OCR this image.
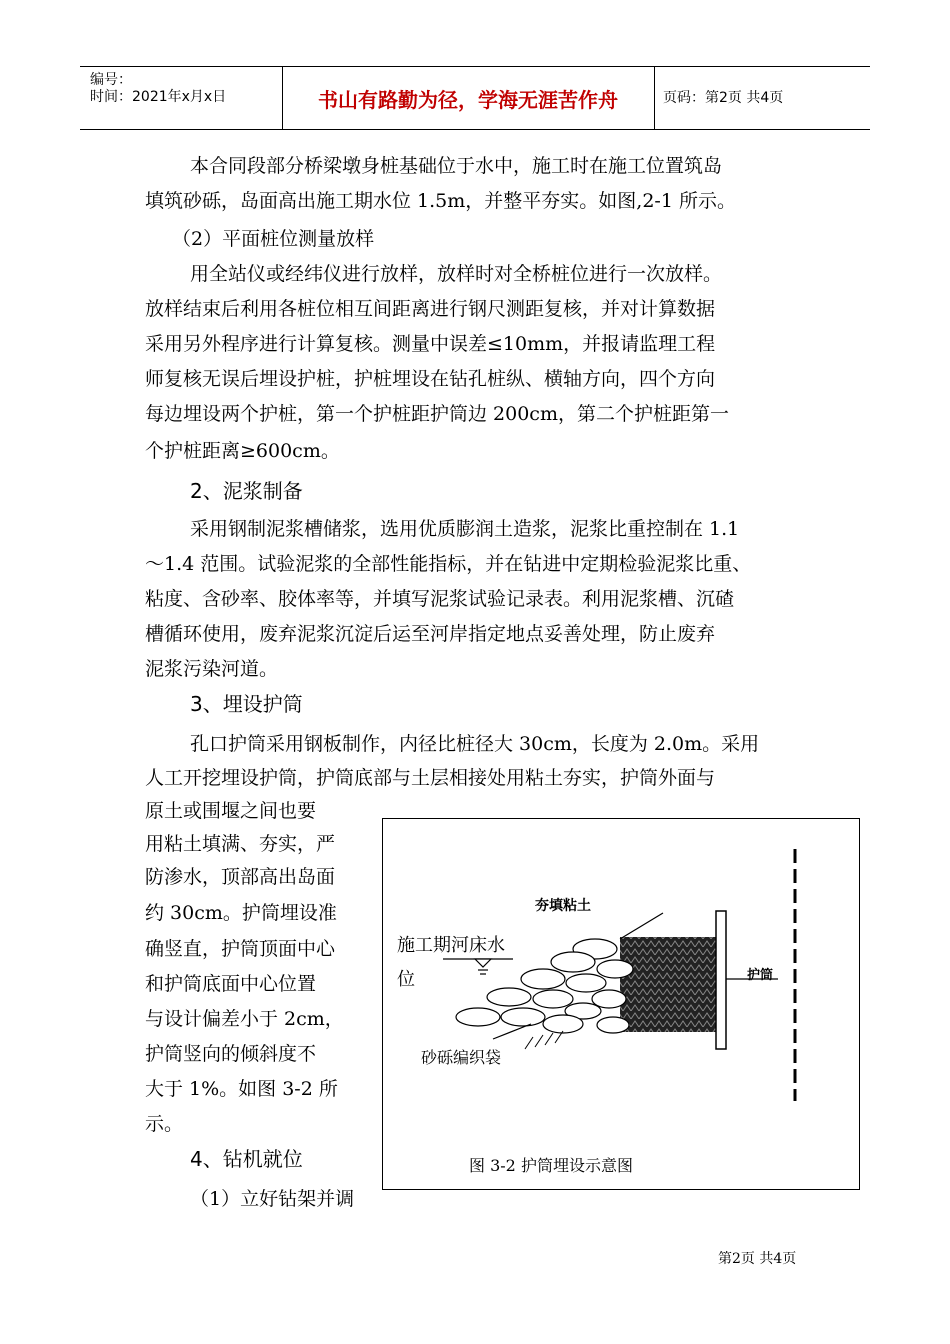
编号：
时间：2021年x月x日	书山有路勤为径，学海无涯苦作舟	页码：第2页 共4页
本合同段部分桥梁墩身桩基础位于水中，施工时在施工位置筑岛
填筑砂砾，岛面高出施工期水位 1.5m，并整平夯实。如图,2-1 所示。
（2）平面桩位测量放样
用全站仪或经纬仪进行放样，放样时对全桥桩位进行一次放样。
放样结束后利用各桩位相互间距离进行钢尺测距复核，并对计算数据
采用另外程序进行计算复核。测量中误差≤10mm，并报请监理工程
师复核无误后埋设护桩，护桩埋设在钻孔桩纵、横轴方向，四个方向
每边埋设两个护桩，第一个护桩距护筒边 200cm，第二个护桩距第一
个护桩距离≥600cm。
2、泥浆制备
采用钢制泥浆槽储浆，选用优质膨润土造浆，泥浆比重控制在 1.1
～1.4 范围。试验泥浆的全部性能指标，并在钻进中定期检验泥浆比重、
粘度、含砂率、胶体率等，并填写泥浆试验记录表。利用泥浆槽、沉碴
槽循环使用，废弃泥浆沉淀后运至河岸指定地点妥善处理，防止废弃
泥浆污染河道。
3、埋设护筒
孔口护筒采用钢板制作，内径比桩径大 30cm，长度为 2.0m。采用
人工开挖埋设护筒，护筒底部与土层相接处用粘土夯实，护筒外面与
原土或围堰之间也要
用粘土填满、夯实，严
防渗水，顶部高出岛面
约 30cm。护筒埋设准
确竖直，护筒顶面中心
和护筒底面中心位置
与设计偏差小于 2cm，
护筒竖向的倾斜度不
大于 1%。如图 3-2 所
示。
4、钻机就位
（1）立好钻架并调
夯填粘土
施工期河床水
位	护筒
砂砾编织袋
图 3-2 护筒埋设示意图
第2页 共4页
